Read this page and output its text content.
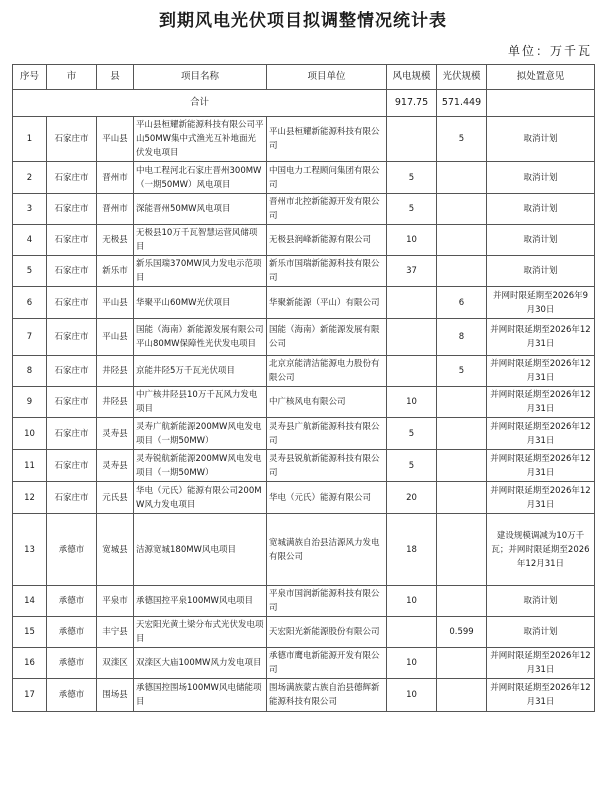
到期风电光伏项目拟调整情况统计表
单位：万千瓦
序号	市	县	项目名称	项目单位	风电规模	光伏规模	拟处置意见
合计					917.75	571.449	
1	石家庄市	平山县	平山县桓耀新能源科技有限公司平山50MW集中式渔光互补地面光伏发电项目	平山县桓耀新能源科技有限公司		5	取消计划
2	石家庄市	晋州市	中电工程河北石家庄晋州300MW（一期50MW）风电项目	中国电力工程顾问集团有限公司	5		取消计划
3	石家庄市	晋州市	深能晋州50MW风电项目	晋州市北控新能源开发有限公司	5		取消计划
4	石家庄市	无极县	无极县10万千瓦智慧运营风储项目	无极县润峰新能源有限公司	10		取消计划
5	石家庄市	新乐市	新乐国瑞370MW风力发电示范项目	新乐市国瑞新能源科技有限公司	37		取消计划
6	石家庄市	平山县	华聚平山60MW光伏项目	华聚新能源（平山）有限公司		6	并网时限延期至2026年9月30日
7	石家庄市	平山县	国能（海南）新能源发展有限公司平山80MW保障性光伏发电项目	国能（海南）新能源发展有限公司		8	并网时限延期至2026年12月31日
8	石家庄市	井陉县	京能井陉5万千瓦光伏项目	北京京能清洁能源电力股份有限公司		5	并网时限延期至2026年12月31日
9	石家庄市	井陉县	中广核井陉县10万千瓦风力发电项目	中广核风电有限公司	10		并网时限延期至2026年12月31日
10	石家庄市	灵寿县	灵寿广航新能源200MW风电发电项目（一期50MW）	灵寿县广航新能源科技有限公司	5		并网时限延期至2026年12月31日
11	石家庄市	灵寿县	灵寿锐航新能源200MW风电发电项目（一期50MW）	灵寿县锐航新能源科技有限公司	5		并网时限延期至2026年12月31日
12	石家庄市	元氏县	华电（元氏）能源有限公司200MW风力发电项目	华电（元氏）能源有限公司	20		并网时限延期至2026年12月31日
13	承德市	宽城县	洁源宽城180MW风电项目	宽城满族自治县洁源风力发电有限公司	18		建设规模调减为10万千瓦；并网时限延期至2026年12月31日
14	承德市	平泉市	承德国控平泉100MW风电项目	平泉市国润新能源科技有限公司	10		取消计划
15	承德市	丰宁县	天宏阳光黄土梁分布式光伏发电项目	天宏阳光新能源股份有限公司		0.599	取消计划
16	承德市	双滦区	双滦区大庙100MW风力发电项目	承德市鹰电新能源开发有限公司	10		并网时限延期至2026年12月31日
17	承德市	围场县	承德国控围场100MW风电储能项目	围场满族蒙古族自治县德辉新能源科技有限公司	10		并网时限延期至2026年12月31日
